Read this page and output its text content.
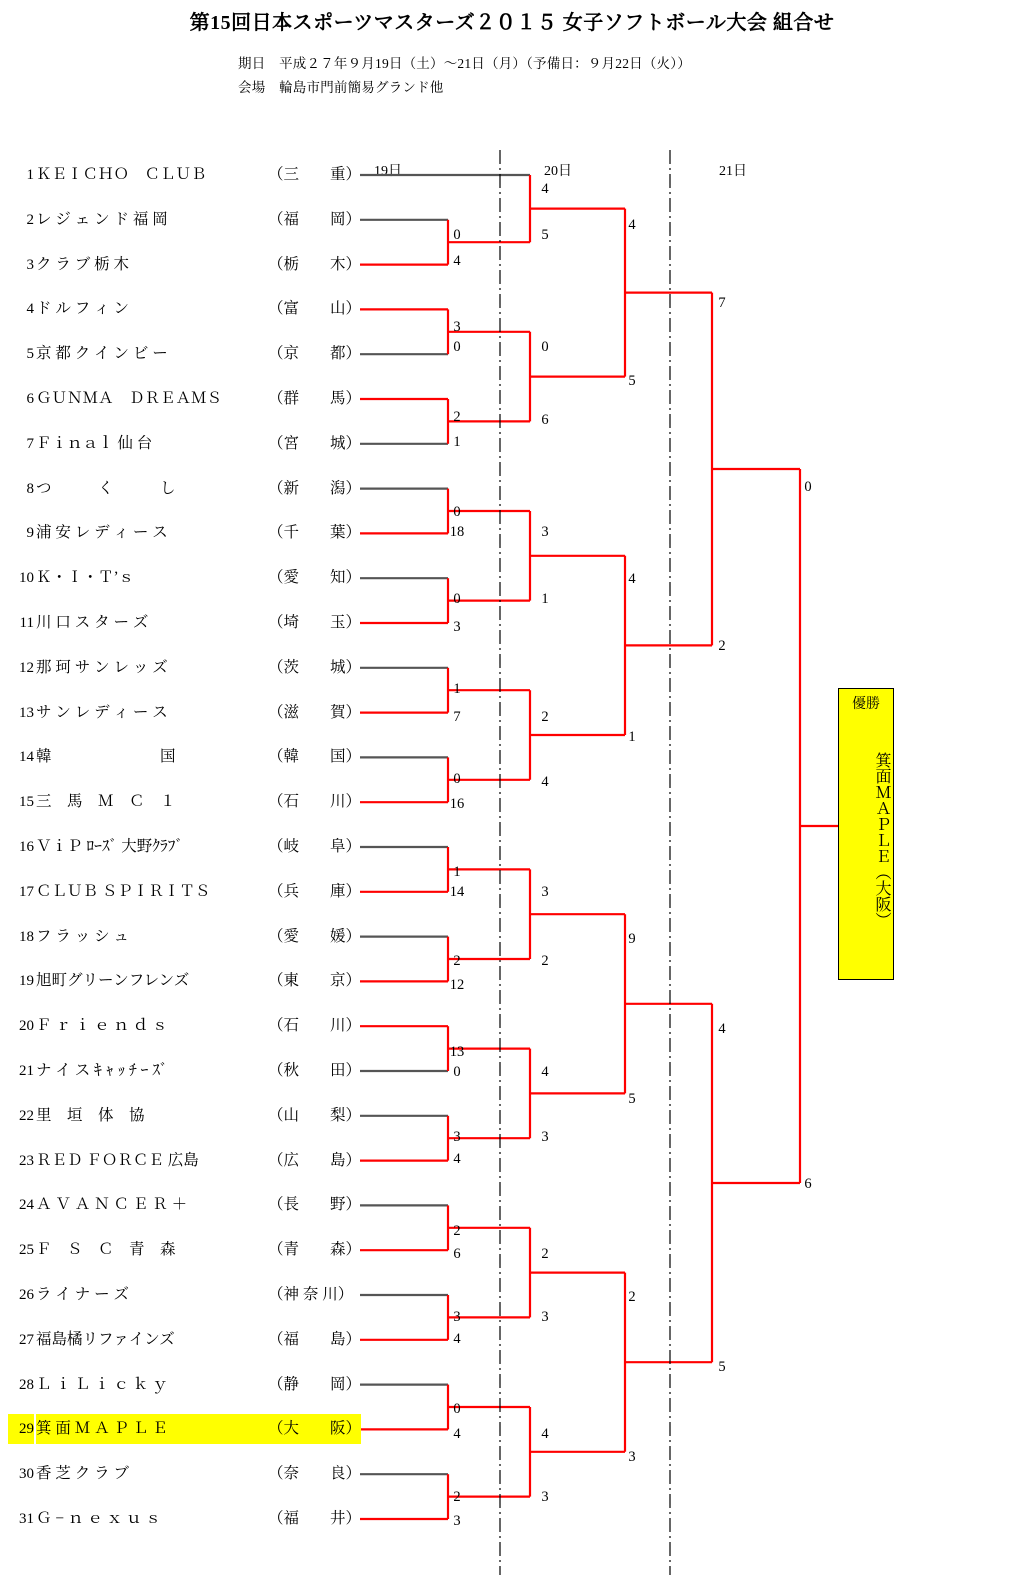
第15回日本スポーツマスターズ２０１５ 女子ソフトボール大会 組合せ
期日　平成２７年９月19日（土）〜21日（月）（予備日：９月22日（火））
会場　輪島市門前簡易グランド他
19日	20日	21日
1 ＫＥＩＣＨＯ　ＣＬＵＢ	（三　　重）
2 レ ジ ェ ン ド 福 岡	（福　　岡）
3 ク ラ ブ 栃 木	（栃　　木）
4 ド ル フ ィ ン	（富　　山）
5 京 都 ク イ ン ビ ー	（京　　都）
6 ＧＵＮＭＡ　ＤＲＥＡＭＳ	（群　　馬）
7 Ｆｉｎａｌ 仙 台	（宮　　城）
8 つ　　　く　　　し	（新　　潟）
9 浦 安 レ デ ィ ー ス	（千　　葉）
10 Ｋ・Ｉ・Ｔ’ｓ	（愛　　知）
11 川 口 ス タ ー ズ	（埼　　玉）
12 那 珂 サ ン レ ッ ズ	（茨　　城）
13 サ ン レ デ ィ ー ス	（滋　　賀）
14 韓　　　　　　　国	（韓　　国）
15 三　馬　Ｍ　Ｃ　１	（石　　川）
16 ＶｉＰ ﾛｰｽﾞ 大野ｸﾗﾌﾞ	（岐　　阜）
17 ＣＬＵＢ ＳＰＩＲＩＴＳ	（兵　　庫）
18 フ ラ ッ シ ュ	（愛　　媛）
19 旭町グリーンフレンズ	（東　　京）
20 Ｆ ｒ ｉ ｅ ｎ ｄ ｓ	（石　　川）
21 ナ イ ス ｷ ｬ ｯ ﾁ ｰ ｽﾞ	（秋　　田）
22 里　垣　体　協	（山　　梨）
23 ＲＥＤ ＦＯＲＣＥ 広島	（広　　島）
24 Ａ Ｖ Ａ Ｎ Ｃ Ｅ Ｒ ＋	（長　　野）
25 Ｆ　Ｓ　Ｃ　青　森	（青　　森）
26 ラ イ ナ ー ズ	（神 奈 川）
27 福島橘リファインズ	（福　　島）
28 Ｌ ｉ Ｌ ｉ ｃ ｋ ｙ	（静　　岡）
29 箕 面 Ｍ Ａ Ｐ Ｌ Ｅ	（大　　阪）
30 香 芝 ク ラ ブ	（奈　　良）
31 Ｇ − ｎ ｅ ｘ ｕ ｓ	（福　　井）
4
0	5
4
4
3
7
0	0
5
2	6
1
0
0
18	3
4
0	1
3
2
1
7	2
1
0	4
16
1
14	3
9
2	2
12
13
4
0	4
5
3	3
4
6
2
6	2
2
3	3
4
5
0
4	4
3
2	3
3
優勝
箕面ＭＡＰＬＥ（大阪）
